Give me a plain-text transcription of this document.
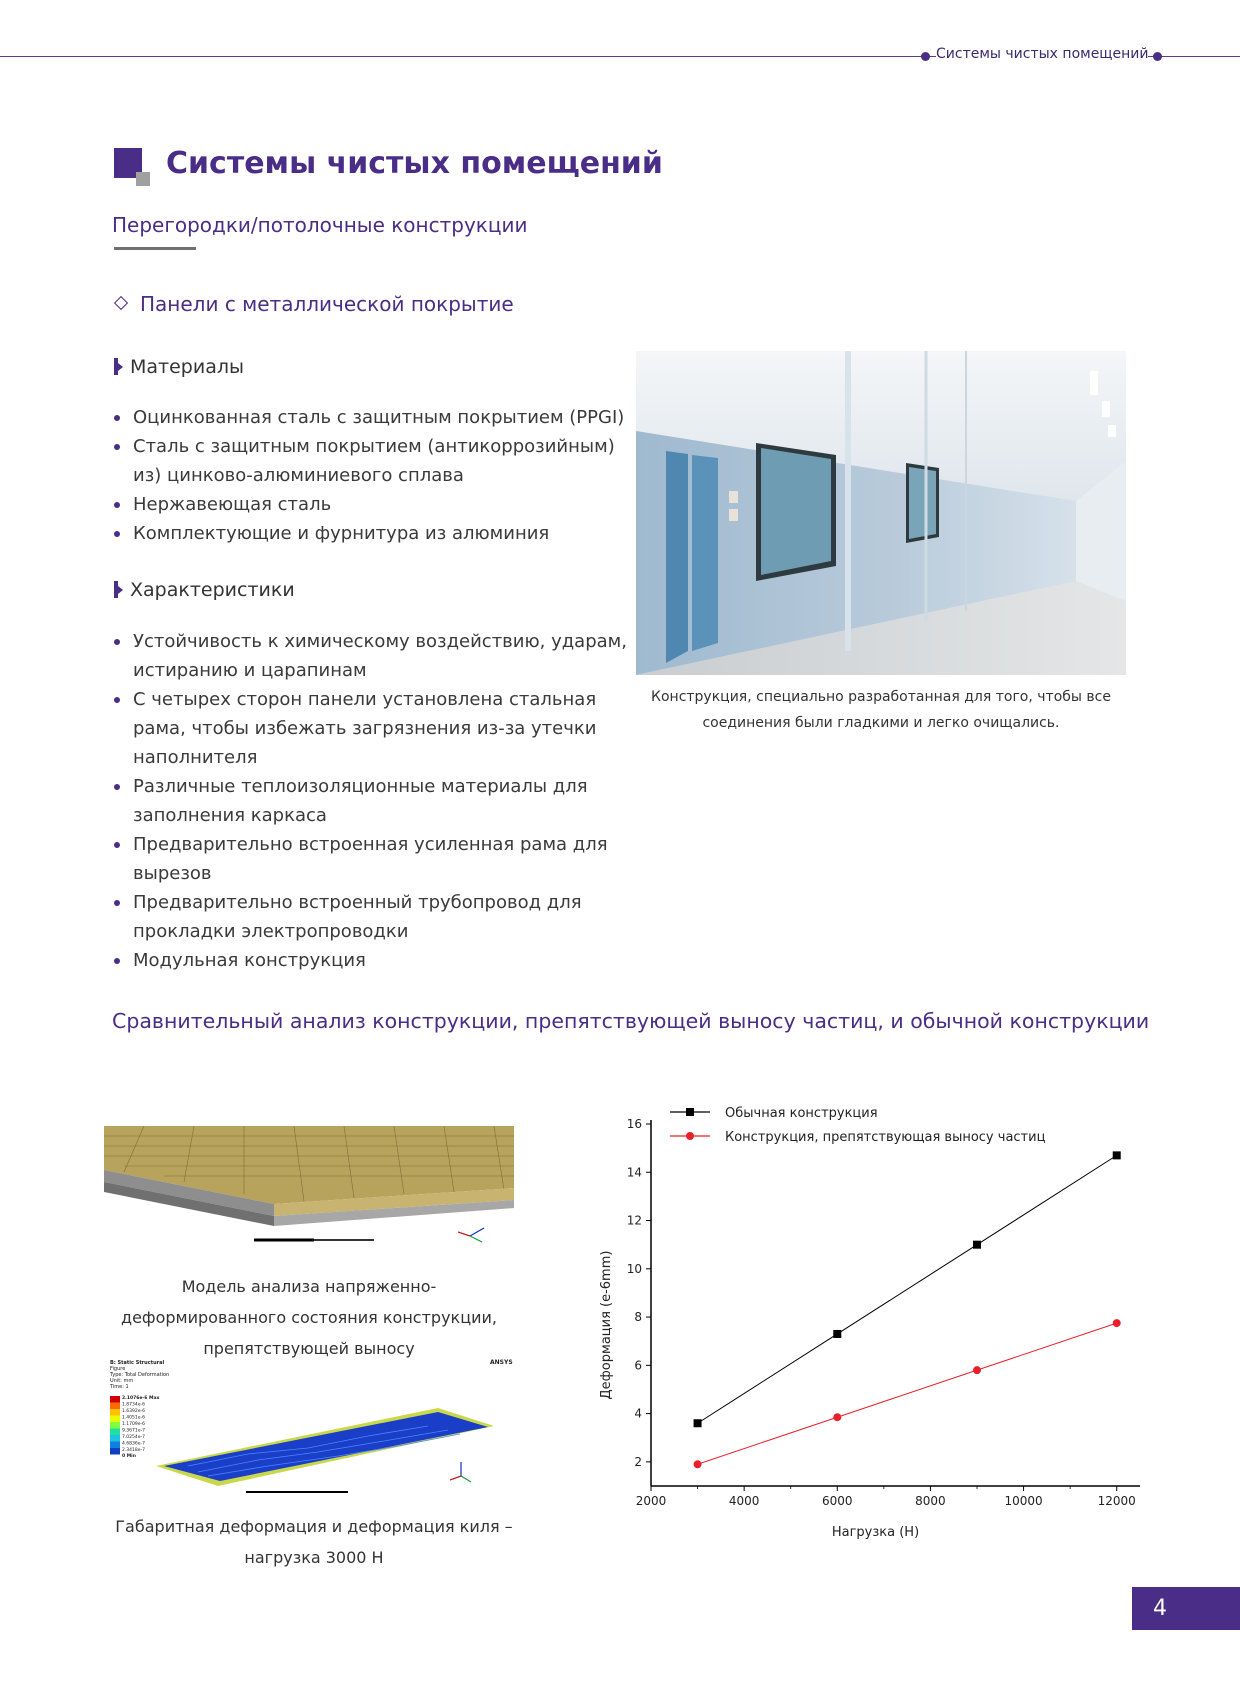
Системы чистых помещений
Системы чистых помещений
Перегородки/потолочные конструкции
Панели с металлической покрытие
Материалы
Оцинкованная сталь с защитным покрытием (PPGI)
Сталь с защитным покрытием (антикоррозийным) из) цинково-алюминиевого сплава
Нержавеющая сталь
Комплектующие и фурнитура из алюминия
Характеристики
Устойчивость к химическому воздействию, ударам, истиранию и царапинам
С четырех сторон панели установлена стальная рама, чтобы избежать загрязнения из-за утечки наполнителя
Различные теплоизоляционные материалы для заполнения каркаса
Предварительно встроенная усиленная рама для вырезов
Предварительно встроенный трубопровод для прокладки электропроводки
Модульная конструкция
Конструкция, специально разработанная для того, чтобы все соединения были гладкими и легко очищались.
Сравнительный анализ конструкции, препятствующей выносу частиц, и обычной конструкции
Модель анализа напряженно-деформированного состояния конструкции, препятствующей выносу
B: Static Structural
Figure
Type: Total Deformation
Unit: mm
Time: 1
ANSYS
2.1076e-6 Max
1.8734e-6
1.6392e-6
1.4051e-6
1.1709e-6
9.3671e-7
7.0254e-7
4.6836e-7
2.3418e-7
0 Min
Габаритная деформация и деформация киля – нагрузка 3000 Н
2000	4000	6000	8000	10000	12000
2
4
6
8
10
12
14
16
Нагрузка (Н)
Деформация (e-6mm)
Обычная конструкция
Конструкция, препятствующая выносу частиц
4
